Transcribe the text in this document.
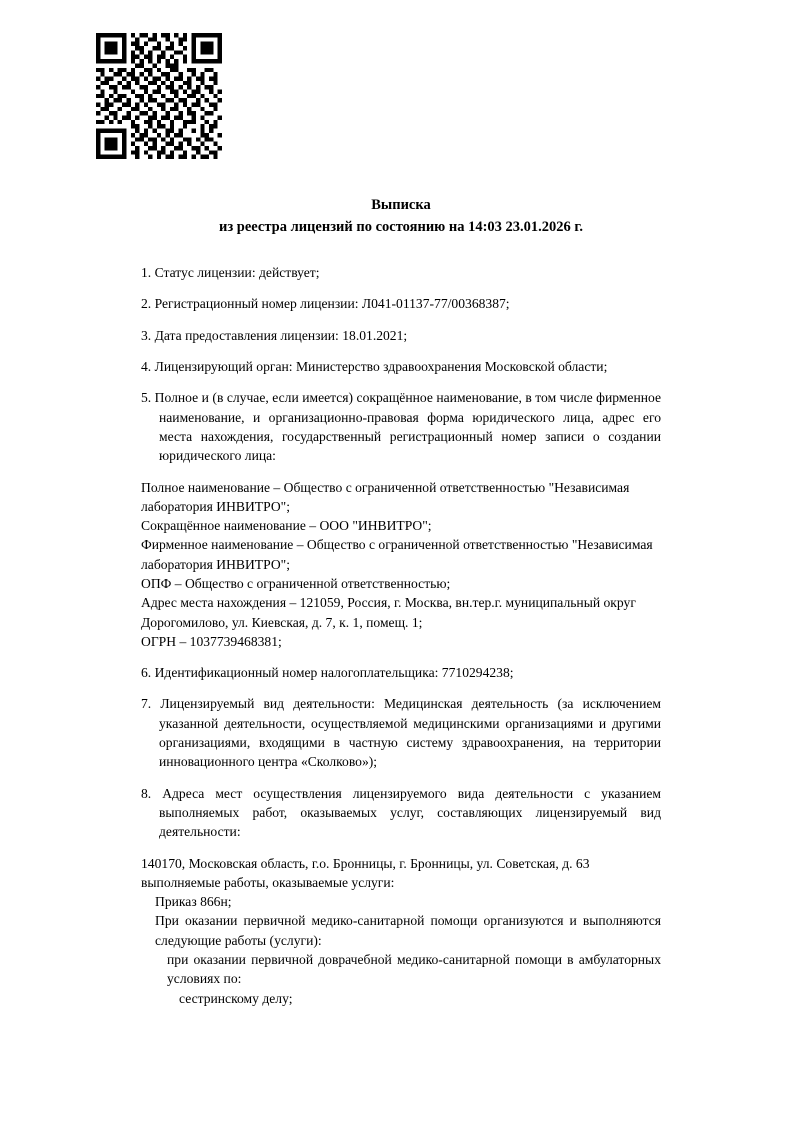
Выписка
из реестра лицензий по состоянию на 14:03 23.01.2026 г.
1. Статус лицензии: действует;
2. Регистрационный номер лицензии: Л041-01137-77/00368387;
3. Дата предоставления лицензии: 18.01.2021;
4. Лицензирующий орган: Министерство здравоохранения Московской области;
5. Полное и (в случае, если имеется) сокращённое наименование, в том числе фирменное наименование, и организационно-правовая форма юридического лица, адрес его места нахождения, государственный регистрационный номер записи о создании юридического лица:
Полное наименование – Общество с ограниченной ответственностью "Независимая лаборатория ИНВИТРО";
Сокращённое наименование – ООО "ИНВИТРО";
Фирменное наименование – Общество с ограниченной ответственностью "Независимая лаборатория ИНВИТРО";
ОПФ – Общество с ограниченной ответственностью;
Адрес места нахождения – 121059, Россия, г. Москва, вн.тер.г. муниципальный округ Дорогомилово, ул. Киевская, д. 7, к. 1, помещ. 1;
ОГРН – 1037739468381;
6. Идентификационный номер налогоплательщика: 7710294238;
7. Лицензируемый вид деятельности: Медицинская деятельность (за исключением указанной деятельности, осуществляемой медицинскими организациями и другими организациями, входящими в частную систему здравоохранения, на территории инновационного центра «Сколково»);
8. Адреса мест осуществления лицензируемого вида деятельности с указанием выполняемых работ, оказываемых услуг, составляющих лицензируемый вид деятельности:
140170, Московская область, г.о. Бронницы, г. Бронницы, ул. Советская, д. 63
выполняемые работы, оказываемые услуги:
Приказ 866н;
При оказании первичной медико-санитарной помощи организуются и выполняются следующие работы (услуги):
при оказании первичной доврачебной медико-санитарной помощи в амбулаторных условиях по:
сестринскому делу;
